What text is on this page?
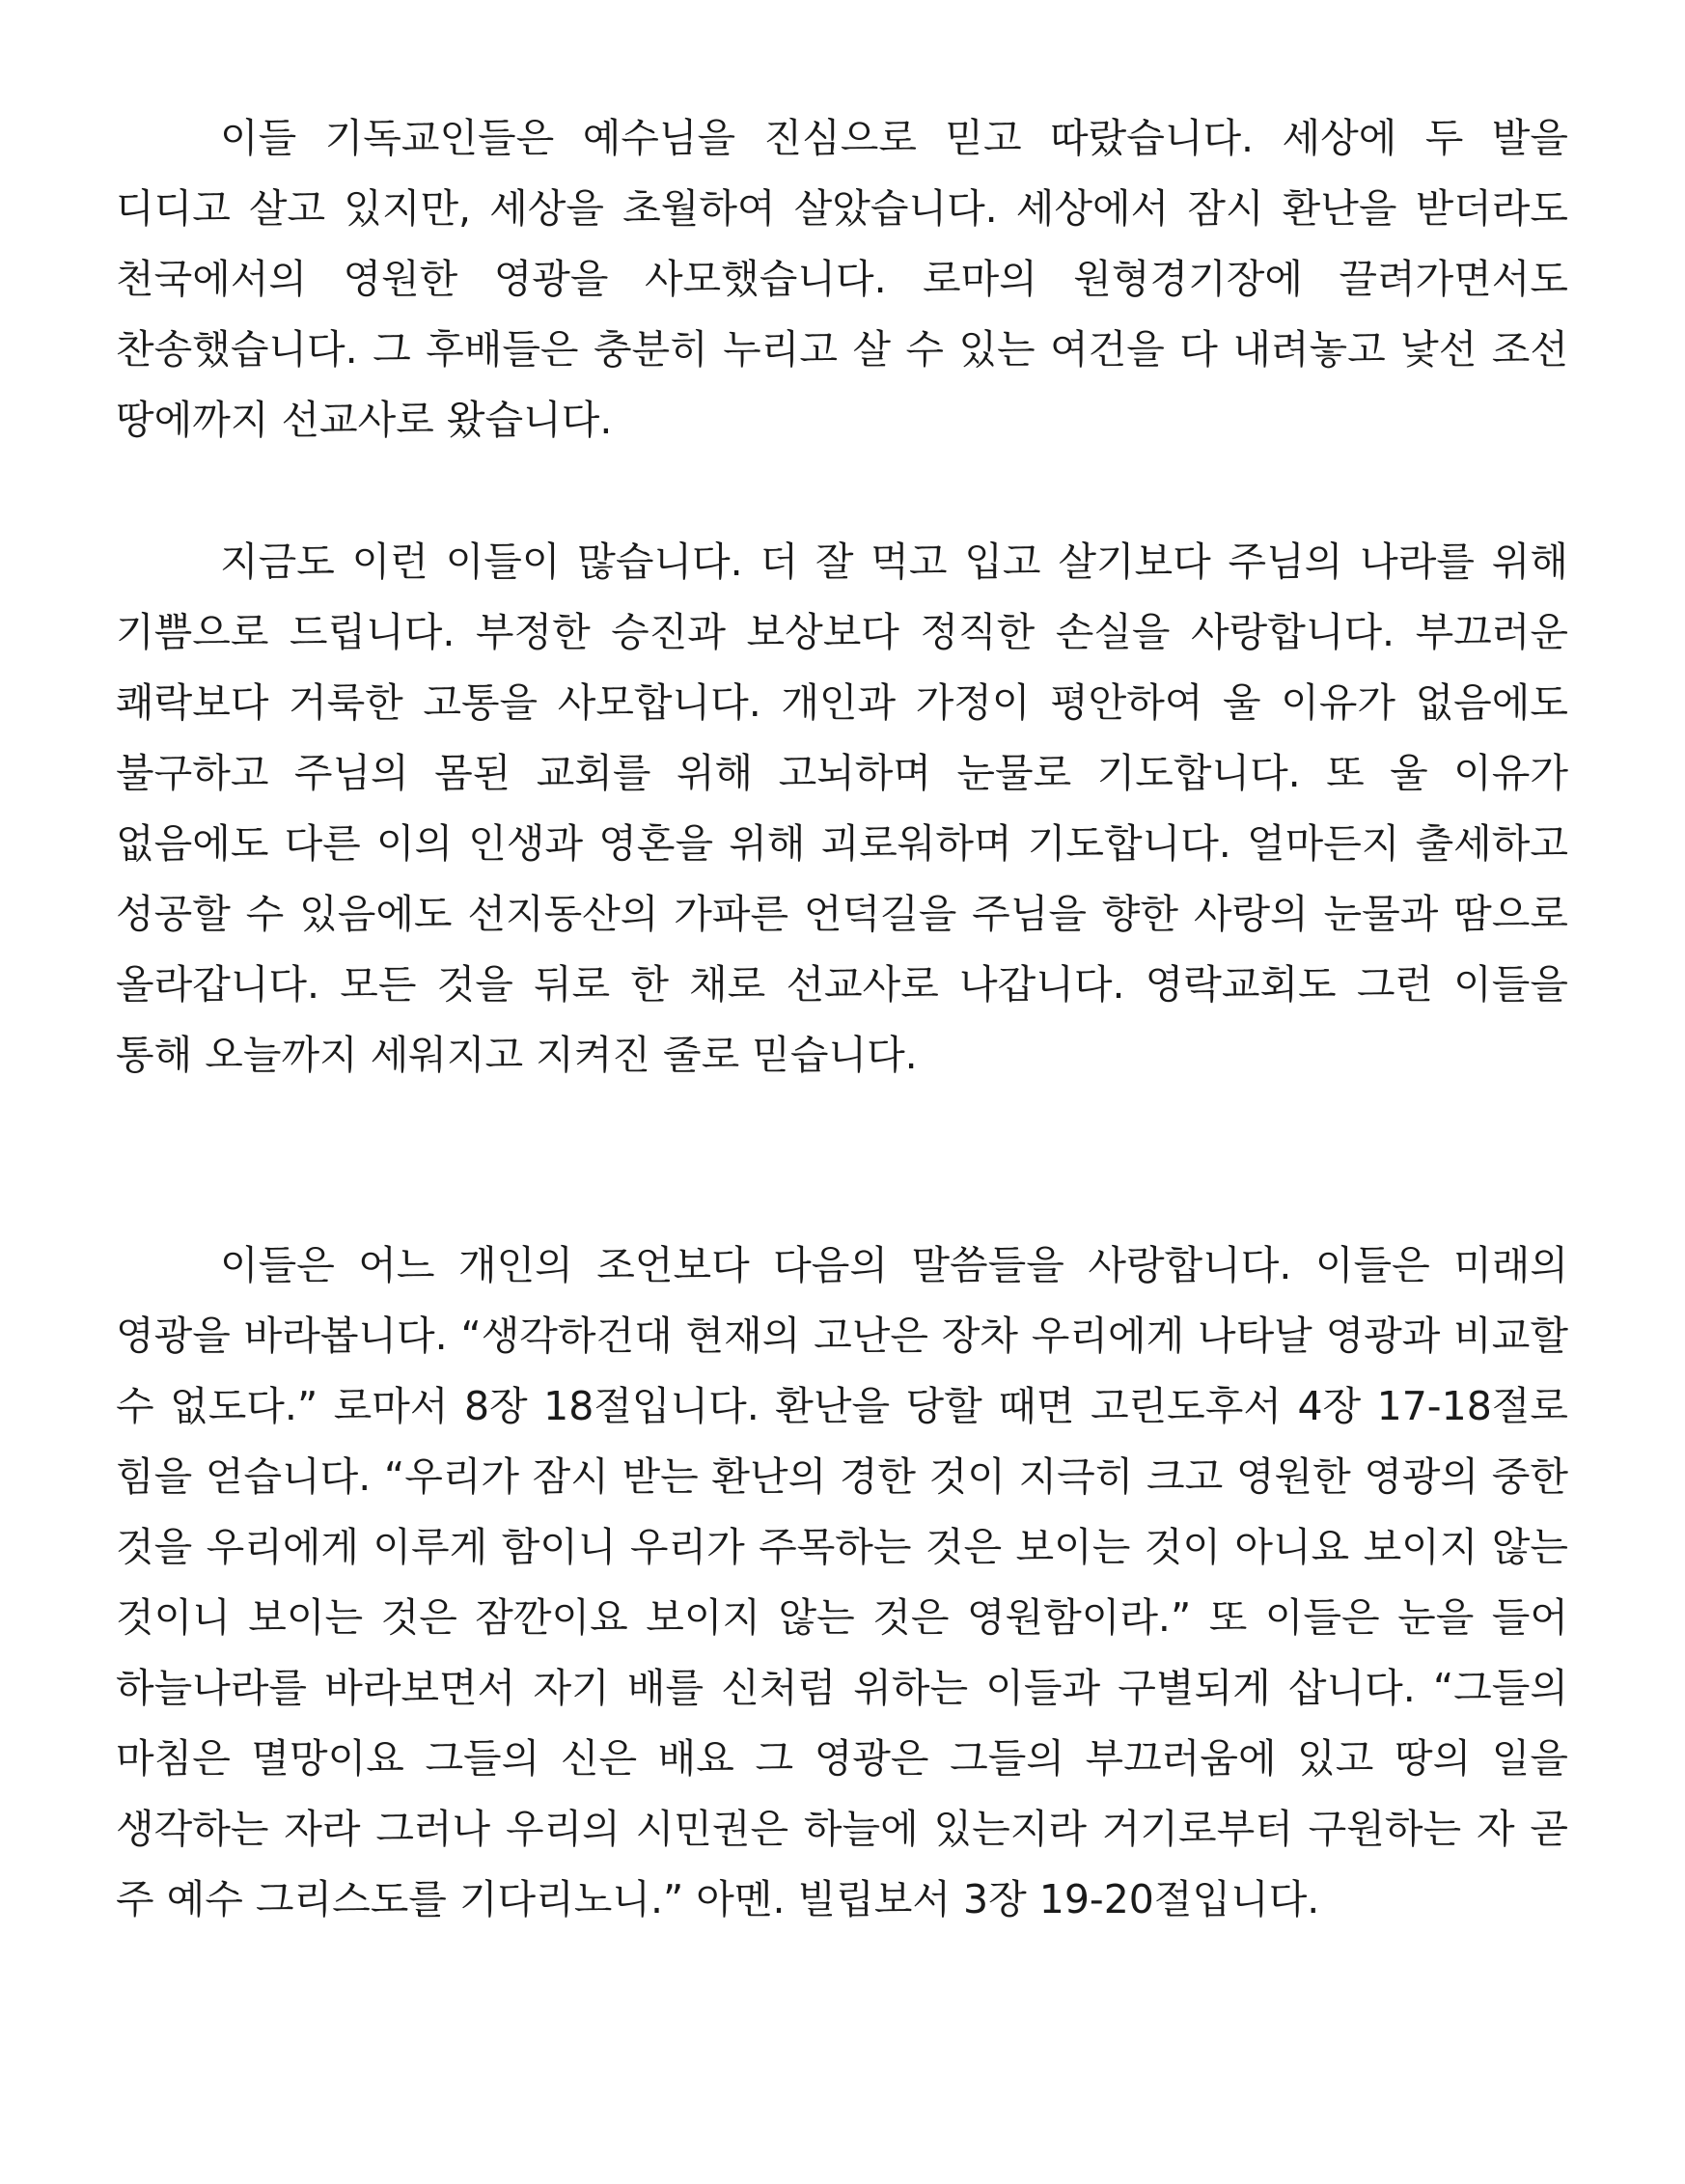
이들 기독교인들은 예수님을 진심으로 믿고 따랐습니다. 세상에 두 발을 디디고 살고 있지만, 세상을 초월하여 살았습니다. 세상에서 잠시 환난을 받더라도 천국에서의 영원한 영광을 사모했습니다. 로마의 원형경기장에 끌려가면서도 찬송했습니다. 그 후배들은 충분히 누리고 살 수 있는 여건을 다 내려놓고 낯선 조선 땅에까지 선교사로 왔습니다.

지금도 이런 이들이 많습니다. 더 잘 먹고 입고 살기보다 주님의 나라를 위해 기쁨으로 드립니다. 부정한 승진과 보상보다 정직한 손실을 사랑합니다. 부끄러운 쾌락보다 거룩한 고통을 사모합니다. 개인과 가정이 평안하여 울 이유가 없음에도 불구하고 주님의 몸된 교회를 위해 고뇌하며 눈물로 기도합니다. 또 울 이유가 없음에도 다른 이의 인생과 영혼을 위해 괴로워하며 기도합니다. 얼마든지 출세하고 성공할 수 있음에도 선지동산의 가파른 언덕길을 주님을 향한 사랑의 눈물과 땀으로 올라갑니다. 모든 것을 뒤로 한 채로 선교사로 나갑니다. 영락교회도 그런 이들을 통해 오늘까지 세워지고 지켜진 줄로 믿습니다.

이들은 어느 개인의 조언보다 다음의 말씀들을 사랑합니다. 이들은 미래의 영광을 바라봅니다. “생각하건대 현재의 고난은 장차 우리에게 나타날 영광과 비교할 수 없도다.” 로마서 8장 18절입니다. 환난을 당할 때면 고린도후서 4장 17-18절로 힘을 얻습니다. “우리가 잠시 받는 환난의 경한 것이 지극히 크고 영원한 영광의 중한 것을 우리에게 이루게 함이니 우리가 주목하는 것은 보이는 것이 아니요 보이지 않는 것이니 보이는 것은 잠깐이요 보이지 않는 것은 영원함이라.” 또 이들은 눈을 들어 하늘나라를 바라보면서 자기 배를 신처럼 위하는 이들과 구별되게 삽니다. “그들의 마침은 멸망이요 그들의 신은 배요 그 영광은 그들의 부끄러움에 있고 땅의 일을 생각하는 자라 그러나 우리의 시민권은 하늘에 있는지라 거기로부터 구원하는 자 곧 주 예수 그리스도를 기다리노니.” 아멘. 빌립보서 3장 19-20절입니다.
